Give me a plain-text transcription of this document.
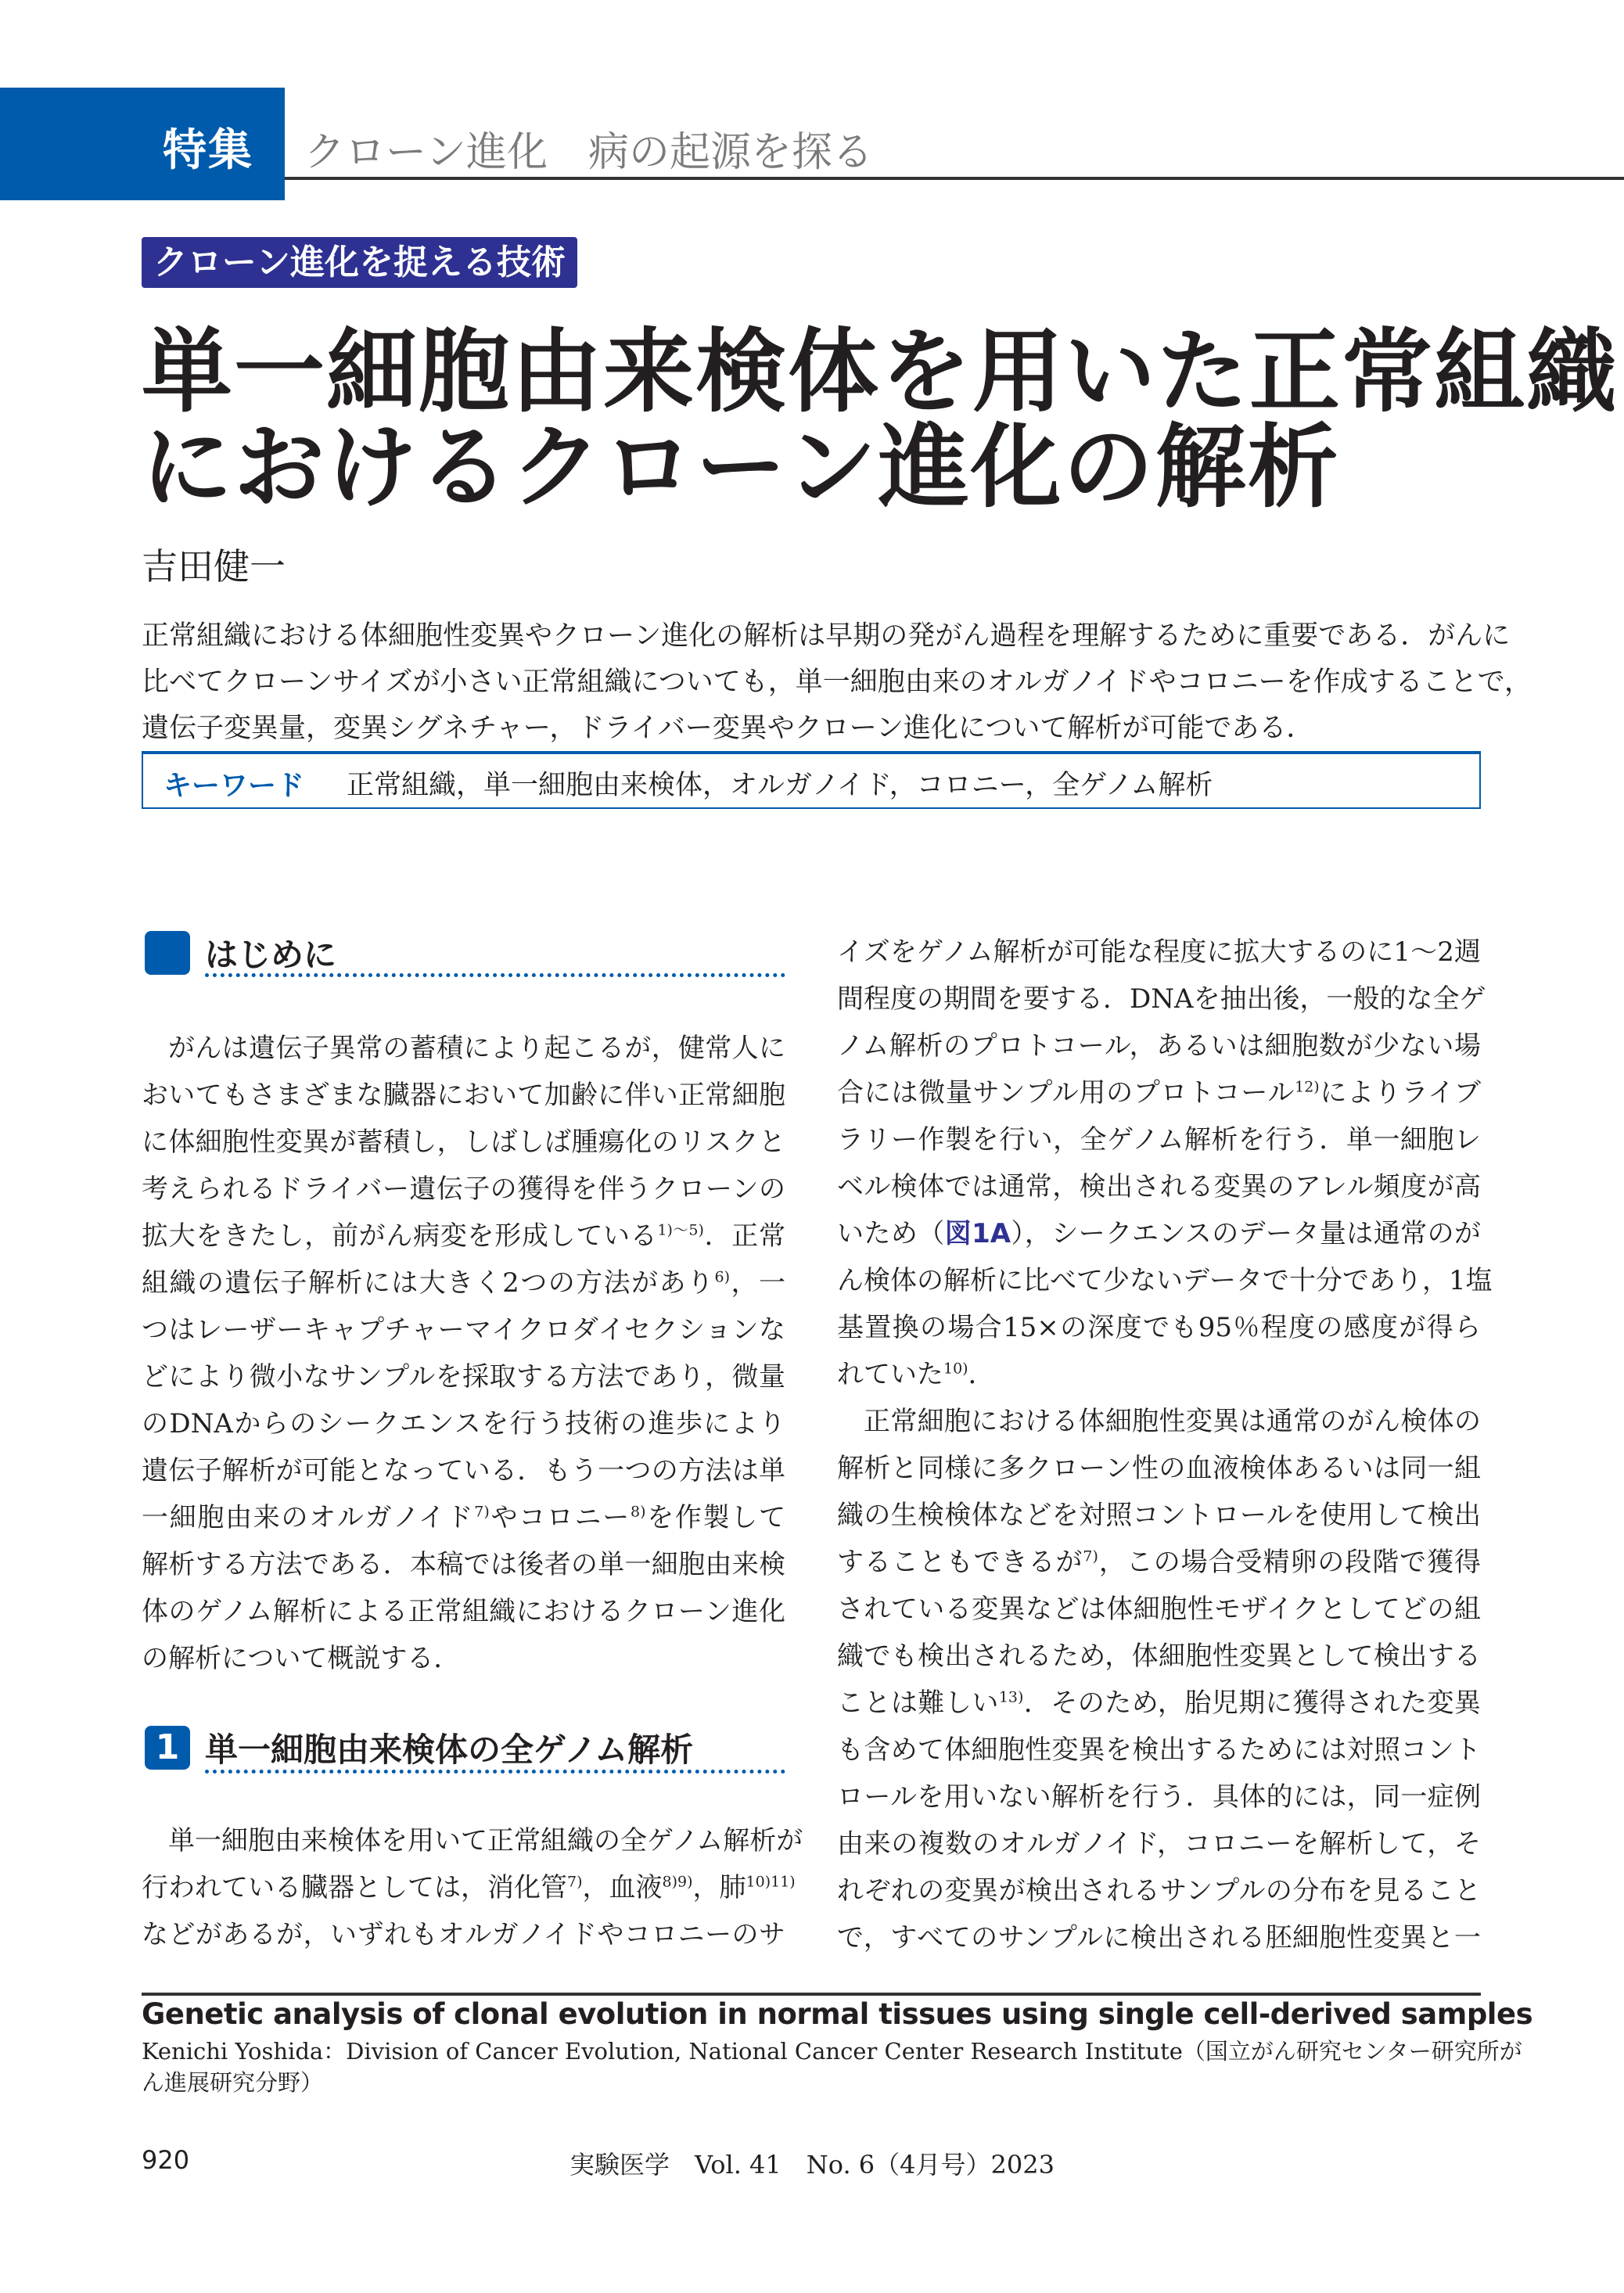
特集 クローン進化　病の起源を探る
クローン進化を捉える技術
単一細胞由来検体を用いた正常組織
におけるクローン進化の解析
吉田健一
正常組織における体細胞性変異やクローン進化の解析は早期の発がん過程を理解するために重要である．がんに
比べてクローンサイズが小さい正常組織についても，単一細胞由来のオルガノイドやコロニーを作成することで，
遺伝子変異量，変異シグネチャー，ドライバー変異やクローン進化について解析が可能である．
キーワード 正常組織，単一細胞由来検体，オルガノイド，コロニー，全ゲノム解析
はじめに
1 単一細胞由来検体の全ゲノム解析
がんは遺伝子異常の蓄積により起こるが，健常人に
おいてもさまざまな臓器において加齢に伴い正常細胞
に体細胞性変異が蓄積し，しばしば腫瘍化のリスクと
考えられるドライバー遺伝子の獲得を伴うクローンの
拡大をきたし，前がん病変を形成している$^{1)\sim 5)}$．正常
組織の遺伝子解析には大きく2つの方法があり$^{6)}$，一
つはレーザーキャプチャーマイクロダイセクションな
どにより微小なサンプルを採取する方法であり，微量
のDNAからのシークエンスを行う技術の進歩により
遺伝子解析が可能となっている．もう一つの方法は単
一細胞由来のオルガノイド$^{7)}$やコロニー$^{8)}$を作製して
解析する方法である．本稿では後者の単一細胞由来検
体のゲノム解析による正常組織におけるクローン進化
の解析について概説する．
単一細胞由来検体を用いて正常組織の全ゲノム解析が
行われている臓器としては，消化管$^{7)}$，血液$^{8)9)}$，肺$^{10)11)}$
などがあるが，いずれもオルガノイドやコロニーのサ
イズをゲノム解析が可能な程度に拡大するのに1～2週
間程度の期間を要する．DNAを抽出後，一般的な全ゲ
ノム解析のプロトコール，あるいは細胞数が少ない場
合には微量サンプル用のプロトコール$^{12)}$によりライブ
ラリー作製を行い，全ゲノム解析を行う．単一細胞レ
ベル検体では通常，検出される変異のアレル頻度が高
いため（図1A），シークエンスのデータ量は通常のが
ん検体の解析に比べて少ないデータで十分であり，1塩
基置換の場合15×の深度でも95％程度の感度が得ら
れていた$^{10)}$．
正常細胞における体細胞性変異は通常のがん検体の
解析と同様に多クローン性の血液検体あるいは同一組
織の生検検体などを対照コントロールを使用して検出
することもできるが$^{7)}$，この場合受精卵の段階で獲得
されている変異などは体細胞性モザイクとしてどの組
織でも検出されるため，体細胞性変異として検出する
ことは難しい$^{13)}$．そのため，胎児期に獲得された変異
も含めて体細胞性変異を検出するためには対照コント
ロールを用いない解析を行う．具体的には，同一症例
由来の複数のオルガノイド，コロニーを解析して，そ
れぞれの変異が検出されるサンプルの分布を見ること
で，すべてのサンプルに検出される胚細胞性変異と一
Genetic analysis of clonal evolution in normal tissues using single cell-derived samples
Kenichi Yoshida：Division of Cancer Evolution, National Cancer Center Research Institute（国立がん研究センター研究所が
ん進展研究分野）
920	実験医学　Vol. 41　No. 6（4月号）2023
